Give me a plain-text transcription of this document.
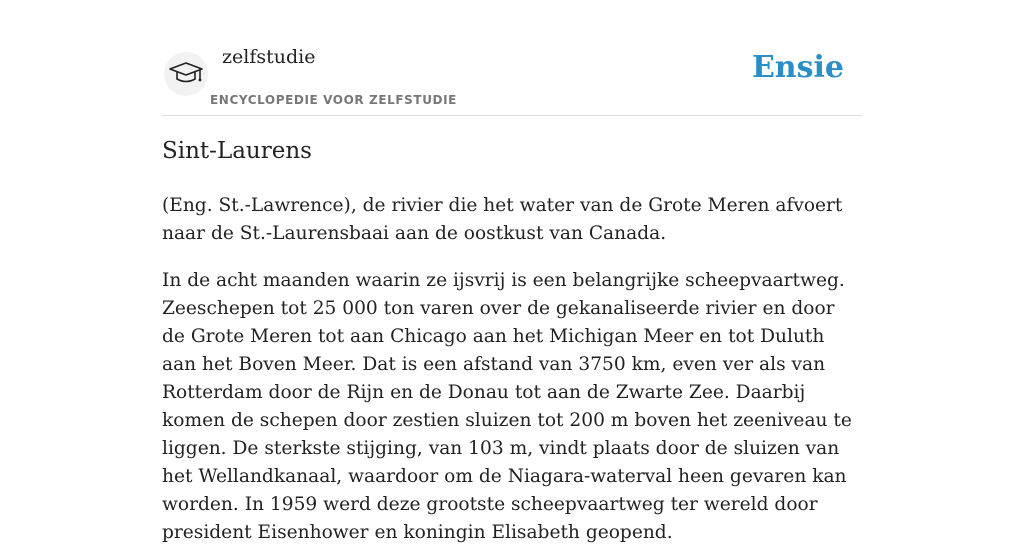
zelfstudie
ENCYCLOPEDIE VOOR ZELFSTUDIE
Ensie
Sint-Laurens

(Eng. St.-Lawrence), de rivier die het water van de Grote Meren afvoert naar de St.-Laurensbaai aan de oostkust van Canada.

In de acht maanden waarin ze ijsvrij is een belangrijke scheepvaartweg. Zeeschepen tot 25 000 ton varen over de gekanaliseerde rivier en door de Grote Meren tot aan Chicago aan het Michigan Meer en tot Duluth aan het Boven Meer. Dat is een afstand van 3750 km, even ver als van Rotterdam door de Rijn en de Donau tot aan de Zwarte Zee. Daarbij komen de schepen door zestien sluizen tot 200 m boven het zeeniveau te liggen. De sterkste stijging, van 103 m, vindt plaats door de sluizen van het Wellandkanaal, waardoor om de Niagara-waterval heen gevaren kan worden. In 1959 werd deze grootste scheepvaartweg ter wereld door president Eisenhower en koningin Elisabeth geopend.
